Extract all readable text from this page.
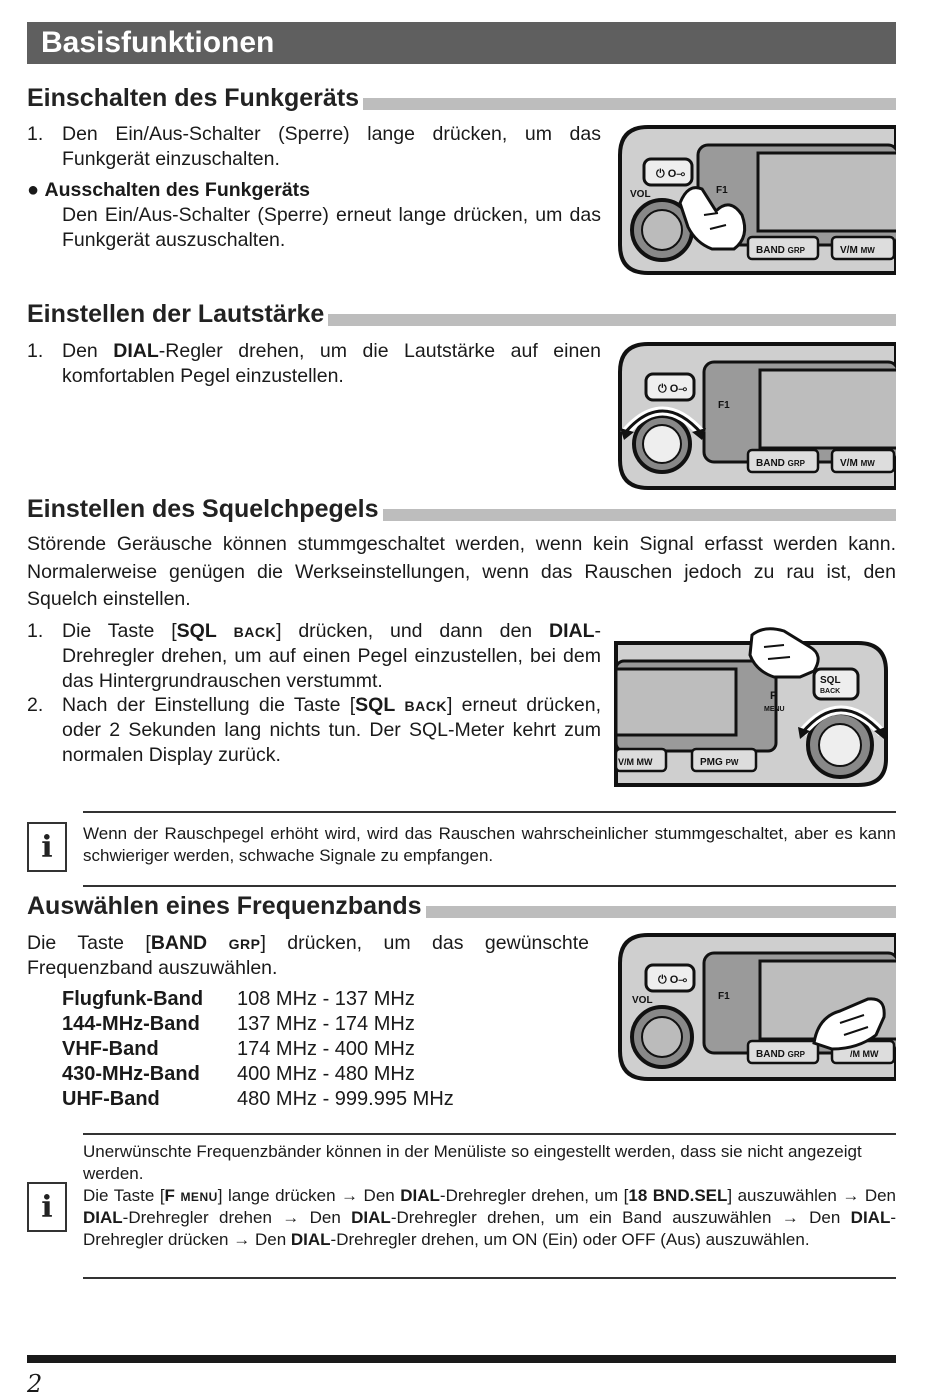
Basisfunktionen
Einschalten des Funkgeräts
1. Den Ein/Aus-Schalter (Sperre) lange drücken, um das Funkgerät einzuschalten.
● Ausschalten des Funkgeräts
Den Ein/Aus-Schalter (Sperre) erneut lange drücken, um das Funkgerät auszuschalten.
⏻ O⊸
VOL
BAND GRP	V/M MW
F1
Einstellen der Lautstärke
1. Den DIAL-Regler drehen, um die Lautstärke auf einen komfortablen Pegel einzustellen.
F1
⏻ O⊸
BAND GRP	V/M MW
Einstellen des Squelchpegels
Störende Geräusche können stummgeschaltet werden, wenn kein Signal erfasst werden kann. Normalerweise genügen die Werkseinstellungen, wenn das Rauschen jedoch zu rau ist, den Squelch einstellen.
1. Die Taste [SQL back] drücken, und dann den DIAL-Drehregler drehen, um auf einen Pegel einzustellen, bei dem das Hintergrundrauschen verstummt.
2. Nach der Einstellung die Taste [SQL back] erneut drücken, oder 2 Sekunden lang nichts tun. Der SQL-Meter kehrt zum normalen Display zurück.
F
MENU
SQL
BACK
V/M MW	PMG PW
i Wenn der Rauschpegel erhöht wird, wird das Rauschen wahrscheinlicher stummgeschaltet, aber es kann schwieriger werden, schwache Signale zu empfangen.
Auswählen eines Frequenzbands
Die Taste [BAND grp] drücken, um das gewünschte Frequenzband auszuwählen.
Flugfunk-Band	108 MHz - 137 MHz
144-MHz-Band	137 MHz - 174 MHz
VHF-Band	174 MHz - 400 MHz
430-MHz-Band	400 MHz - 480 MHz
UHF-Band	480 MHz - 999.995 MHz
F1
⏻ O⊸
VOL
BAND GRP	/M MW
i
Unerwünschte Frequenzbänder können in der Menüliste so eingestellt werden, dass sie nicht angezeigt werden.
Die Taste [F menu] lange drücken → Den DIAL-Drehregler drehen, um [18 BND.SEL] auszuwählen → Den DIAL-Drehregler drehen → Den DIAL-Drehregler drehen, um ein Band auszuwählen → Den DIAL-Drehregler drücken → Den DIAL-Drehregler drehen, um ON (Ein) oder OFF (Aus) auszuwählen.
2
